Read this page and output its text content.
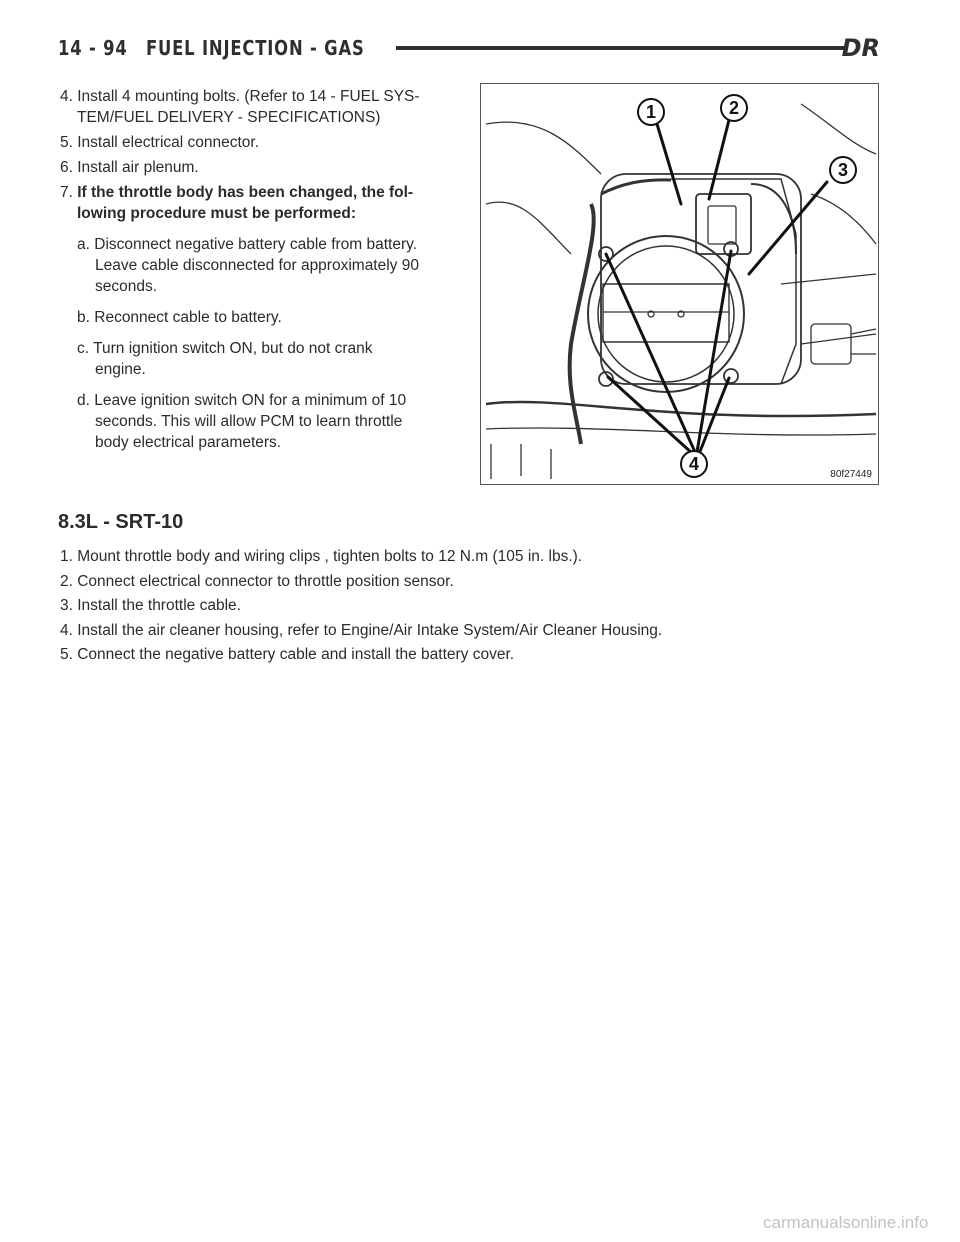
14 - 94 FUEL INJECTION - GAS	DR

4. Install 4 mounting bolts. (Refer to 14 - FUEL SYS-
TEM/FUEL DELIVERY - SPECIFICATIONS)

5. Install electrical connector.

6. Install air plenum.

7. If the throttle body has been changed, the fol-
lowing procedure must be performed:

a. Disconnect negative battery cable from battery.
Leave cable disconnected for approximately 90
seconds.

b. Reconnect cable to battery.

c. Turn ignition switch ON, but do not crank
engine.

d. Leave ignition switch ON for a minimum of 10
seconds. This will allow PCM to learn throttle
body electrical parameters.

1	2
3
4
80f27449
8.3L - SRT-10

1. Mount throttle body and wiring clips , tighten bolts to 12 N.m (105 in. lbs.).

2. Connect electrical connector to throttle position sensor.

3. Install the throttle cable.

4. Install the air cleaner housing, refer to Engine/Air Intake System/Air Cleaner Housing.

5. Connect the negative battery cable and install the battery cover.

carmanualsonline.info
